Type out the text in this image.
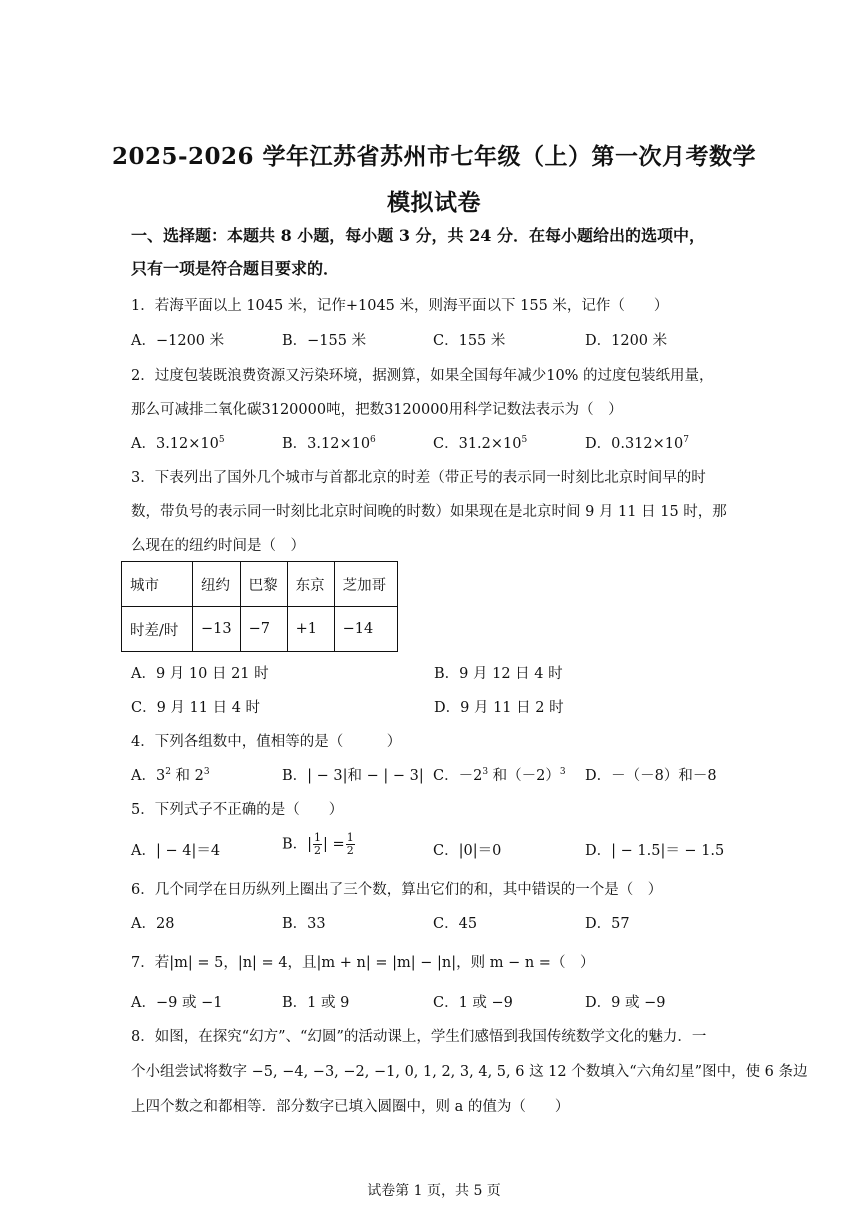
2025-2026 学年江苏省苏州市七年级（上）第一次月考数学
模拟试卷
一、选择题：本题共 8 小题，每小题 3 分，共 24 分．在每小题给出的选项中，
只有一项是符合题目要求的．
1．若海平面以上 1045 米，记作+1045 米，则海平面以下 155 米，记作（　　）
A．−1200 米	B．−155 米	C．155 米	D．1200 米
2．过度包装既浪费资源又污染环境，据测算，如果全国每年减少10% 的过度包装纸用量，
那么可减排二氧化碳3120000吨，把数3120000用科学记数法表示为（　）
A．$3.12\times 10^5$	B．$3.12\times 10^6$	C．$31.2\times 10^5$	D．$0.312\times 10^7$
3．下表列出了国外几个城市与首都北京的时差（带正号的表示同一时刻比北京时间早的时
数，带负号的表示同一时刻比北京时间晚的时数）如果现在是北京时间 9 月 11 日 15 时，那
么现在的纽约时间是（　）
城市	纽约	巴黎	东京	芝加哥
时差/时	−13	−7	+1	−14
A．9 月 10 日 21 时	B．9 月 12 日 4 时
C．9 月 11 日 4 时	D．9 月 11 日 2 时
4．下列各组数中，值相等的是（　　　）
A．$3^2$ 和 $2^3$	B．| − 3|和 − | − 3| C．$-2^3$ 和$(-2)^3$ D．－（－8）和－8
5．下列式子不正确的是（　　）
A．| − 4|＝4	B．| $\frac{1}{2}$ | = $\frac{1}{2}$	C．|0|＝0	D．| − 1.5|＝ − 1.5
6．几个同学在日历纵列上圈出了三个数，算出它们的和，其中错误的一个是（　）
A．28	B．33	C．45	D．57
7．若|m| = 5，|n| = 4，且|m + n| = |m| − |n|，则 m − n =（　）
A．−9 或 −1	B．1 或 9	C．1 或 −9	D．9 或 −9
8．如图，在探究“幻方”、“幻圆”的活动课上，学生们感悟到我国传统数学文化的魅力．一
个小组尝试将数字 −5, −4, −3, −2, −1, 0, 1, 2, 3, 4, 5, 6 这 12 个数填入“六角幻星”图中，使 6 条边
上四个数之和都相等．部分数字已填入圆圈中，则 a 的值为（　　）
试卷第 1 页，共 5 页
